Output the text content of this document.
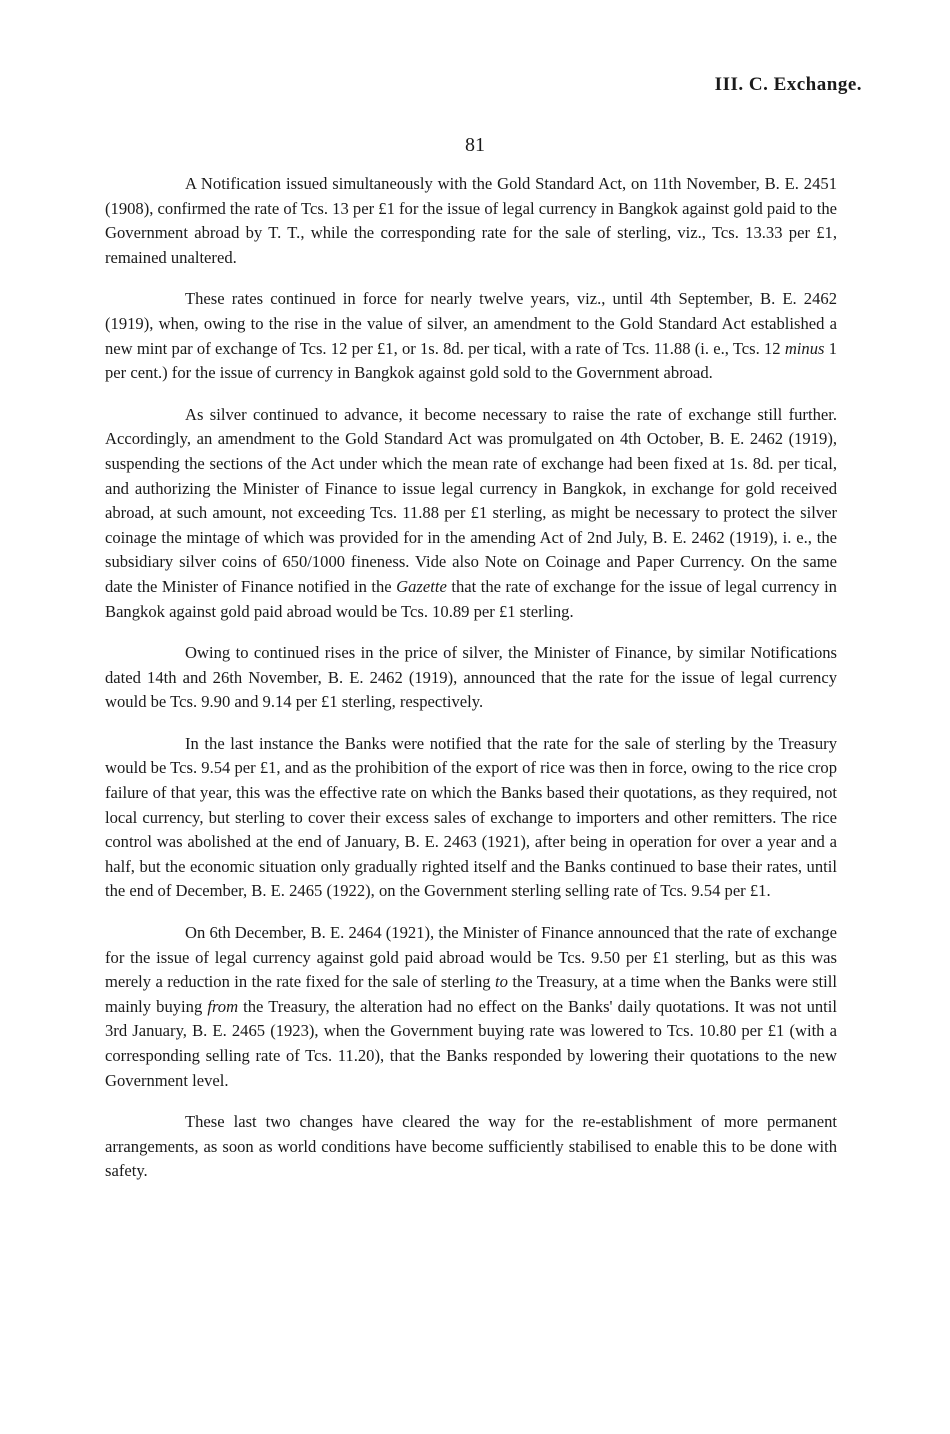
III. C. Exchange.
81

A Notification issued simultaneously with the Gold Standard Act, on 11th November, B. E. 2451 (1908), confirmed the rate of Tcs. 13 per £1 for the issue of legal currency in Bangkok against gold paid to the Government abroad by T. T., while the corresponding rate for the sale of sterling, viz., Tcs. 13.33 per £1, remained unaltered.

These rates continued in force for nearly twelve years, viz., until 4th September, B. E. 2462 (1919), when, owing to the rise in the value of silver, an amendment to the Gold Standard Act established a new mint par of exchange of Tcs. 12 per £1, or 1s. 8d. per tical, with a rate of Tcs. 11.88 (i. e., Tcs. 12 minus 1 per cent.) for the issue of currency in Bangkok against gold sold to the Government abroad.

As silver continued to advance, it become necessary to raise the rate of exchange still further. Accordingly, an amendment to the Gold Standard Act was promulgated on 4th October, B. E. 2462 (1919), suspending the sections of the Act under which the mean rate of exchange had been fixed at 1s. 8d. per tical, and authorizing the Minister of Finance to issue legal currency in Bangkok, in exchange for gold received abroad, at such amount, not exceeding Tcs. 11.88 per £1 sterling, as might be necessary to protect the silver coinage the mintage of which was provided for in the amending Act of 2nd July, B. E. 2462 (1919), i. e., the subsidiary silver coins of 650/1000 fineness. Vide also Note on Coinage and Paper Currency. On the same date the Minister of Finance notified in the Gazette that the rate of exchange for the issue of legal currency in Bangkok against gold paid abroad would be Tcs. 10.89 per £1 sterling.

Owing to continued rises in the price of silver, the Minister of Finance, by similar Notifications dated 14th and 26th November, B. E. 2462 (1919), announced that the rate for the issue of legal currency would be Tcs. 9.90 and 9.14 per £1 sterling, respectively.

In the last instance the Banks were notified that the rate for the sale of sterling by the Treasury would be Tcs. 9.54 per £1, and as the prohibition of the export of rice was then in force, owing to the rice crop failure of that year, this was the effective rate on which the Banks based their quotations, as they required, not local currency, but sterling to cover their excess sales of exchange to importers and other remitters. The rice control was abolished at the end of January, B. E. 2463 (1921), after being in operation for over a year and a half, but the economic situation only gradually righted itself and the Banks continued to base their rates, until the end of December, B. E. 2465 (1922), on the Government sterling selling rate of Tcs. 9.54 per £1.

On 6th December, B. E. 2464 (1921), the Minister of Finance announced that the rate of exchange for the issue of legal currency against gold paid abroad would be Tcs. 9.50 per £1 sterling, but as this was merely a reduction in the rate fixed for the sale of sterling to the Treasury, at a time when the Banks were still mainly buying from the Treasury, the alteration had no effect on the Banks' daily quotations. It was not until 3rd January, B. E. 2465 (1923), when the Government buying rate was lowered to Tcs. 10.80 per £1 (with a corresponding selling rate of Tcs. 11.20), that the Banks responded by lowering their quotations to the new Government level.

These last two changes have cleared the way for the re-establishment of more permanent arrangements, as soon as world conditions have become sufficiently stabilised to enable this to be done with safety.
